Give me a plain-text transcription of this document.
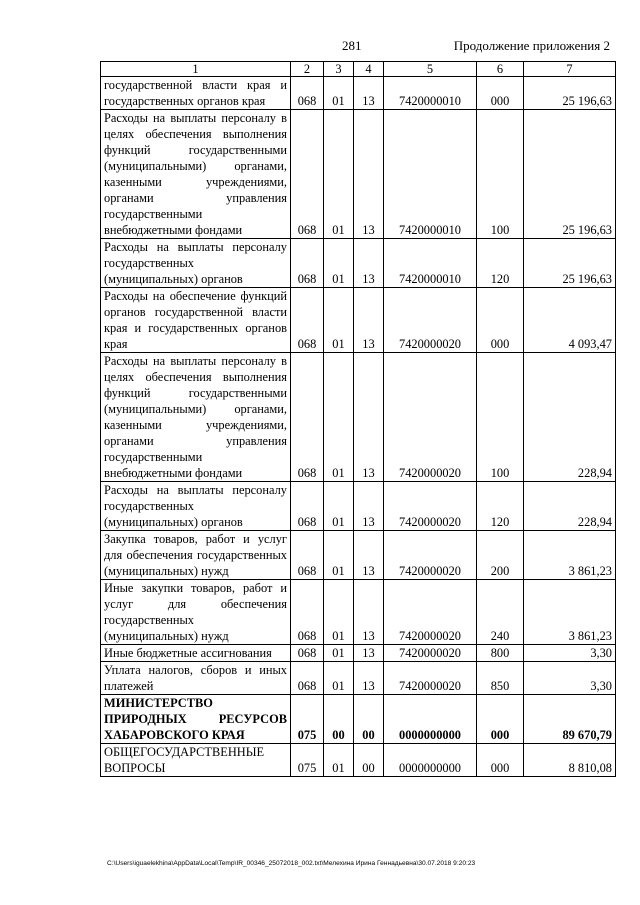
281	Продолжение приложения 2
1	2	3	4	5	6	7
государственной власти края и государственных органов края	068	01	13	7420000010	000	25 196,63
Расходы на выплаты персоналу в целях обеспечения выполнения функций государственными (муниципальными) органами, казенными учреждениями, органами управления государственными внебюджетными фондами	068	01	13	7420000010	100	25 196,63
Расходы на выплаты персоналу государственных (муниципальных) органов	068	01	13	7420000010	120	25 196,63
Расходы на обеспечение функций органов государственной власти края и государственных органов края	068	01	13	7420000020	000	4 093,47
Расходы на выплаты персоналу в целях обеспечения выполнения функций государственными (муниципальными) органами, казенными учреждениями, органами управления государственными внебюджетными фондами	068	01	13	7420000020	100	228,94
Расходы на выплаты персоналу государственных (муниципальных) органов	068	01	13	7420000020	120	228,94
Закупка товаров, работ и услуг для обеспечения государственных (муниципальных) нужд	068	01	13	7420000020	200	3 861,23
Иные закупки товаров, работ и услуг для обеспечения государственных (муниципальных) нужд	068	01	13	7420000020	240	3 861,23
Иные бюджетные ассигнования	068	01	13	7420000020	800	3,30
Уплата налогов, сборов и иных платежей	068	01	13	7420000020	850	3,30
МИНИСТЕРСТВО ПРИРОДНЫХ РЕСУРСОВ ХАБАРОВСКОГО КРАЯ	075	00	00	0000000000	000	89 670,79
ОБЩЕГОСУДАРСТВЕННЫЕ ВОПРОСЫ	075	01	00	0000000000	000	8 810,08
C:\Users\iguaelekhina\AppData\Local\Temp\IR_00346_25072018_002.txt\Мелехина Ирина Геннадьевна\30.07.2018 9:20:23
